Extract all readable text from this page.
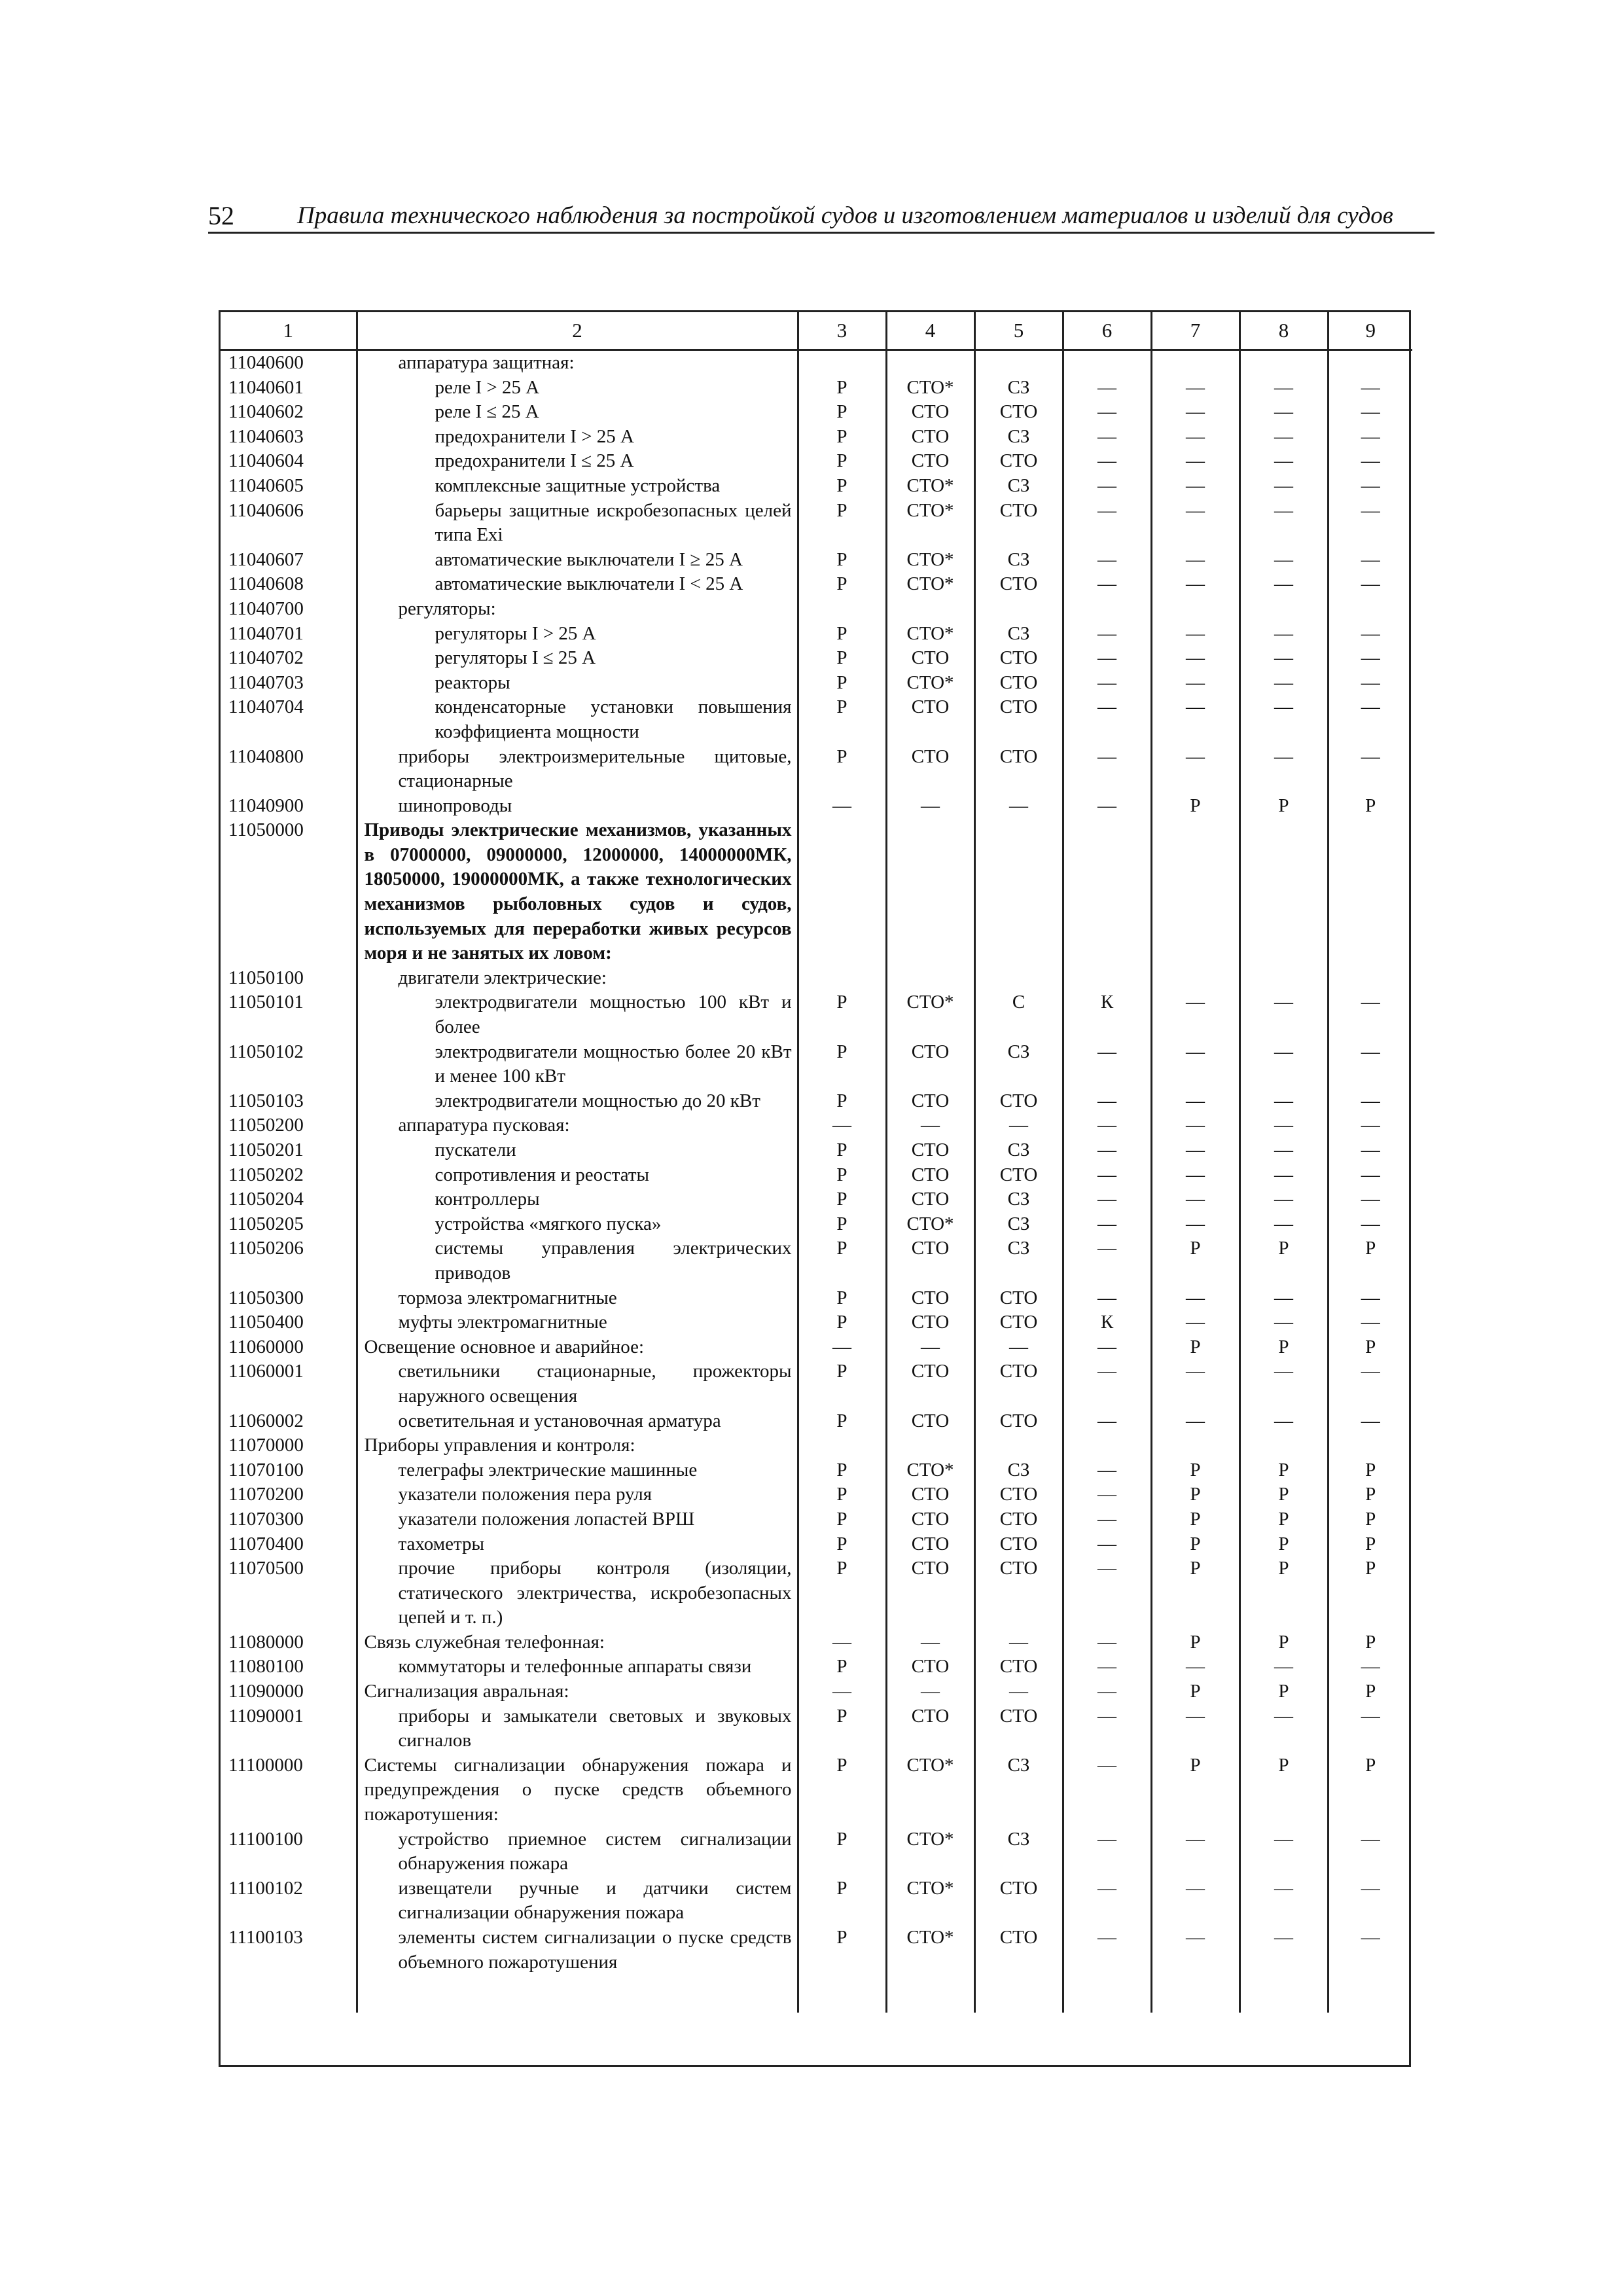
52	Правила технического наблюдения за постройкой судов и изготовлением материалов и изделий для судов
1	2	3	4	5	6	7	8	9
11040600	аппаратура защитная:							
11040601	реле I > 25 А	Р	СТО*	СЗ	—	—	—	—
11040602	реле I ≤ 25 А	Р	СТО	СТО	—	—	—	—
11040603	предохранители I > 25 А	Р	СТО	СЗ	—	—	—	—
11040604	предохранители I ≤ 25 А	Р	СТО	СТО	—	—	—	—
11040605	комплексные защитные устройства	Р	СТО*	СЗ	—	—	—	—
11040606	барьеры защитные искробезопасных целей типа Exi	Р	СТО*	СТО	—	—	—	—
11040607	автоматические выключатели I ≥ 25 А	Р	СТО*	СЗ	—	—	—	—
11040608	автоматические выключатели I < 25 А	Р	СТО*	СТО	—	—	—	—
11040700	регуляторы:							
11040701	регуляторы I > 25 А	Р	СТО*	СЗ	—	—	—	—
11040702	регуляторы I ≤ 25 А	Р	СТО	СТО	—	—	—	—
11040703	реакторы	Р	СТО*	СТО	—	—	—	—
11040704	конденсаторные установки повышения коэффициента мощности	Р	СТО	СТО	—	—	—	—
11040800	приборы электроизмерительные щитовые, стационарные	Р	СТО	СТО	—	—	—	—
11040900	шинопроводы	—	—	—	—	Р	Р	Р
11050000	Приводы электрические механизмов, указанных в 07000000, 09000000, 12000000, 14000000МК, 18050000, 19000000МК, а также технологических механизмов рыболовных судов и судов, используемых для переработки живых ресурсов моря и не занятых их ловом:							
11050100	двигатели электрические:							
11050101	электродвигатели мощностью 100 кВт и более	Р	СТО*	С	К	—	—	—
11050102	электродвигатели мощностью более 20 кВт и менее 100 кВт	Р	СТО	СЗ	—	—	—	—
11050103	электродвигатели мощностью до 20 кВт	Р	СТО	СТО	—	—	—	—
11050200	аппаратура пусковая:	—	—	—	—	—	—	—
11050201	пускатели	Р	СТО	СЗ	—	—	—	—
11050202	сопротивления и реостаты	Р	СТО	СТО	—	—	—	—
11050204	контроллеры	Р	СТО	СЗ	—	—	—	—
11050205	устройства «мягкого пуска»	Р	СТО*	СЗ	—	—	—	—
11050206	системы управления электрических приводов	Р	СТО	СЗ	—	Р	Р	Р
11050300	тормоза электромагнитные	Р	СТО	СТО	—	—	—	—
11050400	муфты электромагнитные	Р	СТО	СТО	К	—	—	—
11060000	Освещение основное и аварийное:	—	—	—	—	Р	Р	Р
11060001	светильники стационарные, прожекторы наружного освещения	Р	СТО	СТО	—	—	—	—
11060002	осветительная и установочная арматура	Р	СТО	СТО	—	—	—	—
11070000	Приборы управления и контроля:							
11070100	телеграфы электрические машинные	Р	СТО*	СЗ	—	Р	Р	Р
11070200	указатели положения пера руля	Р	СТО	СТО	—	Р	Р	Р
11070300	указатели положения лопастей ВРШ	Р	СТО	СТО	—	Р	Р	Р
11070400	тахометры	Р	СТО	СТО	—	Р	Р	Р
11070500	прочие приборы контроля (изоляции, статического электричества, искробезопасных цепей и т. п.)	Р	СТО	СТО	—	Р	Р	Р
11080000	Связь служебная телефонная:	—	—	—	—	Р	Р	Р
11080100	коммутаторы и телефонные аппараты связи	Р	СТО	СТО	—	—	—	—
11090000	Сигнализация авральная:	—	—	—	—	Р	Р	Р
11090001	приборы и замыкатели световых и звуковых сигналов	Р	СТО	СТО	—	—	—	—
11100000	Системы сигнализации обнаружения пожара и предупреждения о пуске средств объемного пожаротушения:	Р	СТО*	СЗ	—	Р	Р	Р
11100100	устройство приемное систем сигнализации обнаружения пожара	Р	СТО*	СЗ	—	—	—	—
11100102	извещатели ручные и датчики систем сигнализации обнаружения пожара	Р	СТО*	СТО	—	—	—	—
11100103	элементы систем сигнализации о пуске средств объемного пожаротушения	Р	СТО*	СТО	—	—	—	—
